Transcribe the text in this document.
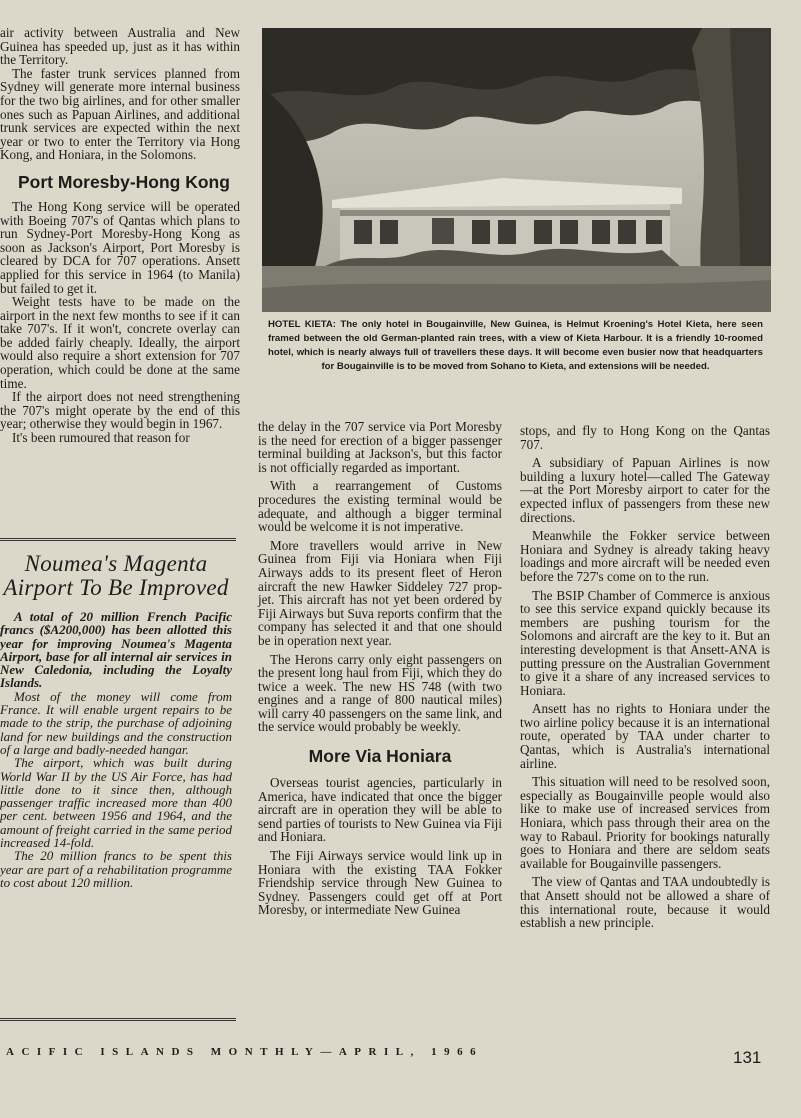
air activity between Australia and New Guinea has speeded up, just as it has within the Territory.

The faster trunk services planned from Sydney will generate more internal business for the two big airlines, and for other smaller ones such as Papuan Airlines, and additional trunk services are expected within the next year or two to enter the Territory via Hong Kong, and Honiara, in the Solomons.

Port Moresby-Hong Kong

The Hong Kong service will be operated with Boeing 707's of Qantas which plans to run Sydney-Port Moresby-Hong Kong as soon as Jackson's Airport, Port Moresby is cleared by DCA for 707 operations. Ansett applied for this service in 1964 (to Manila) but failed to get it.

Weight tests have to be made on the airport in the next few months to see if it can take 707's. If it won't, concrete overlay can be added fairly cheaply. Ideally, the airport would also require a short extension for 707 operation, which could be done at the same time.

If the airport does not need strengthening the 707's might operate by the end of this year; otherwise they would begin in 1967.

It's been rumoured that reason for

Noumea's Magenta Airport To Be Improved

A total of 20 million French Pacific francs ($A200,000) has been allotted this year for improving Noumea's Magenta Airport, base for all internal air services in New Caledonia, including the Loyalty Islands.

Most of the money will come from France. It will enable urgent repairs to be made to the strip, the purchase of adjoining land for new buildings and the construction of a large and badly-needed hangar.

The airport, which was built during World War II by the US Air Force, has had little done to it since then, although passenger traffic increased more than 400 per cent. between 1956 and 1964, and the amount of freight carried in the same period increased 14-fold.

The 20 million francs to be spent this year are part of a rehabilitation programme to cost about 120 million.

HOTEL KIETA: The only hotel in Bougainville, New Guinea, is Helmut Kroening's Hotel Kieta, here seen framed between the old German-planted rain trees, with a view of Kieta Harbour. It is a friendly 10-roomed hotel, which is nearly always full of travellers these days. It will become even busier now that headquarters for Bougainville is to be moved from Sohano to Kieta, and extensions will be needed.

the delay in the 707 service via Port Moresby is the need for erection of a bigger passenger terminal building at Jackson's, but this factor is not officially regarded as important.

With a rearrangement of Customs procedures the existing terminal would be adequate, and although a bigger terminal would be welcome it is not imperative.

More travellers would arrive in New Guinea from Fiji via Honiara when Fiji Airways adds to its present fleet of Heron aircraft the new Hawker Siddeley 727 prop-jet. This aircraft has not yet been ordered by Fiji Airways but Suva reports confirm that the company has selected it and that one should be in operation next year.

The Herons carry only eight passengers on the present long haul from Fiji, which they do twice a week. The new HS 748 (with two engines and a range of 800 nautical miles) will carry 40 passengers on the same link, and the service would probably be weekly.

More Via Honiara

Overseas tourist agencies, particularly in America, have indicated that once the bigger aircraft are in operation they will be able to send parties of tourists to New Guinea via Fiji and Honiara.

The Fiji Airways service would link up in Honiara with the existing TAA Fokker Friendship service through New Guinea to Sydney. Passengers could get off at Port Moresby, or intermediate New Guinea

stops, and fly to Hong Kong on the Qantas 707.

A subsidiary of Papuan Airlines is now building a luxury hotel—called The Gateway—at the Port Moresby airport to cater for the expected influx of passengers from these new directions.

Meanwhile the Fokker service between Honiara and Sydney is already taking heavy loadings and more aircraft will be needed even before the 727's come on to the run.

The BSIP Chamber of Commerce is anxious to see this service expand quickly because its members are pushing tourism for the Solomons and aircraft are the key to it. But an interesting development is that Ansett-ANA is putting pressure on the Australian Government to give it a share of any increased services to Honiara.

Ansett has no rights to Honiara under the two airline policy because it is an international route, operated by TAA under charter to Qantas, which is Australia's international airline.

This situation will need to be resolved soon, especially as Bougainville people would also like to make use of increased services from Honiara, which pass through their area on the way to Rabaul. Priority for bookings naturally goes to Honiara and there are seldom seats available for Bougainville passengers.

The view of Qantas and TAA undoubtedly is that Ansett should not be allowed a share of this international route, because it would establish a new principle.

ACIFIC ISLANDS MONTHLY—APRIL, 1966	131
